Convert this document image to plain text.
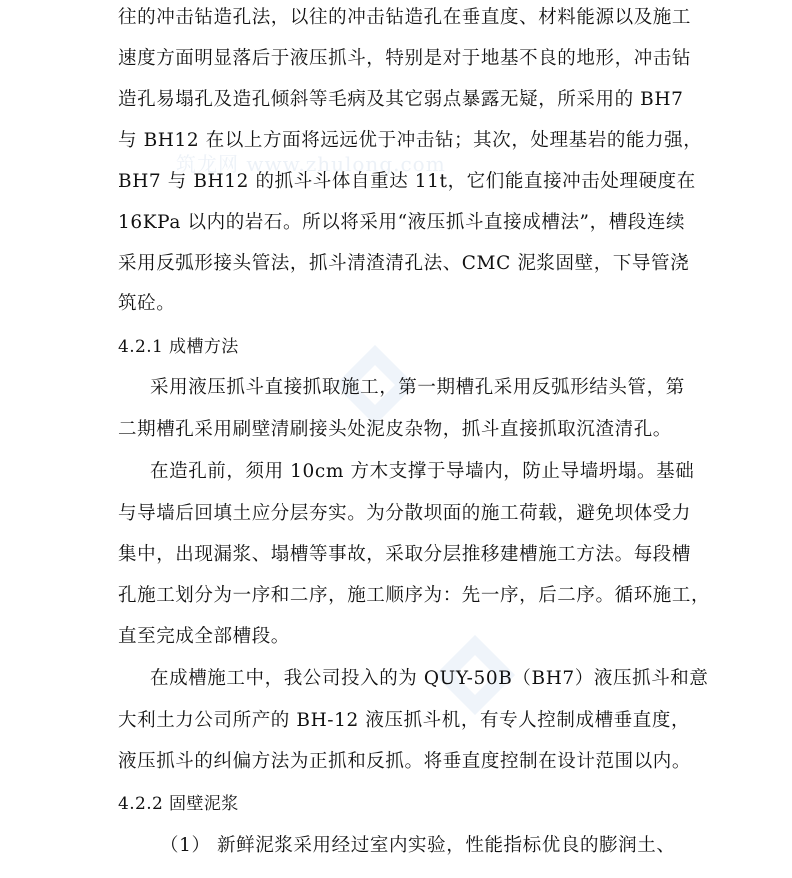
筑龙网 www.zhulong.com
往的冲击钻造孔法，以往的冲击钻造孔在垂直度、材料能源以及施工
速度方面明显落后于液压抓斗，特别是对于地基不良的地形，冲击钻
造孔易塌孔及造孔倾斜等毛病及其它弱点暴露无疑，所采用的 BH7
与 BH12 在以上方面将远远优于冲击钻；其次，处理基岩的能力强，
BH7 与 BH12 的抓斗斗体自重达 11t，它们能直接冲击处理硬度在
16KPa 以内的岩石。所以将采用“液压抓斗直接成槽法”，槽段连续
采用反弧形接头管法，抓斗清渣清孔法、CMC 泥浆固壁，下导管浇
筑砼。
4.2.1 成槽方法
采用液压抓斗直接抓取施工，第一期槽孔采用反弧形结头管，第
二期槽孔采用刷壁清刷接头处泥皮杂物，抓斗直接抓取沉渣清孔。
在造孔前，须用 10cm 方木支撑于导墙内，防止导墙坍塌。基础
与导墙后回填土应分层夯实。为分散坝面的施工荷载，避免坝体受力
集中，出现漏浆、塌槽等事故，采取分层推移建槽施工方法。每段槽
孔施工划分为一序和二序，施工顺序为：先一序，后二序。循环施工，
直至完成全部槽段。
在成槽施工中，我公司投入的为 QUY-50B（BH7）液压抓斗和意
大利土力公司所产的 BH-12 液压抓斗机，有专人控制成槽垂直度，
液压抓斗的纠偏方法为正抓和反抓。将垂直度控制在设计范围以内。
4.2.2 固壁泥浆
（1） 新鲜泥浆采用经过室内实验，性能指标优良的膨润土、
